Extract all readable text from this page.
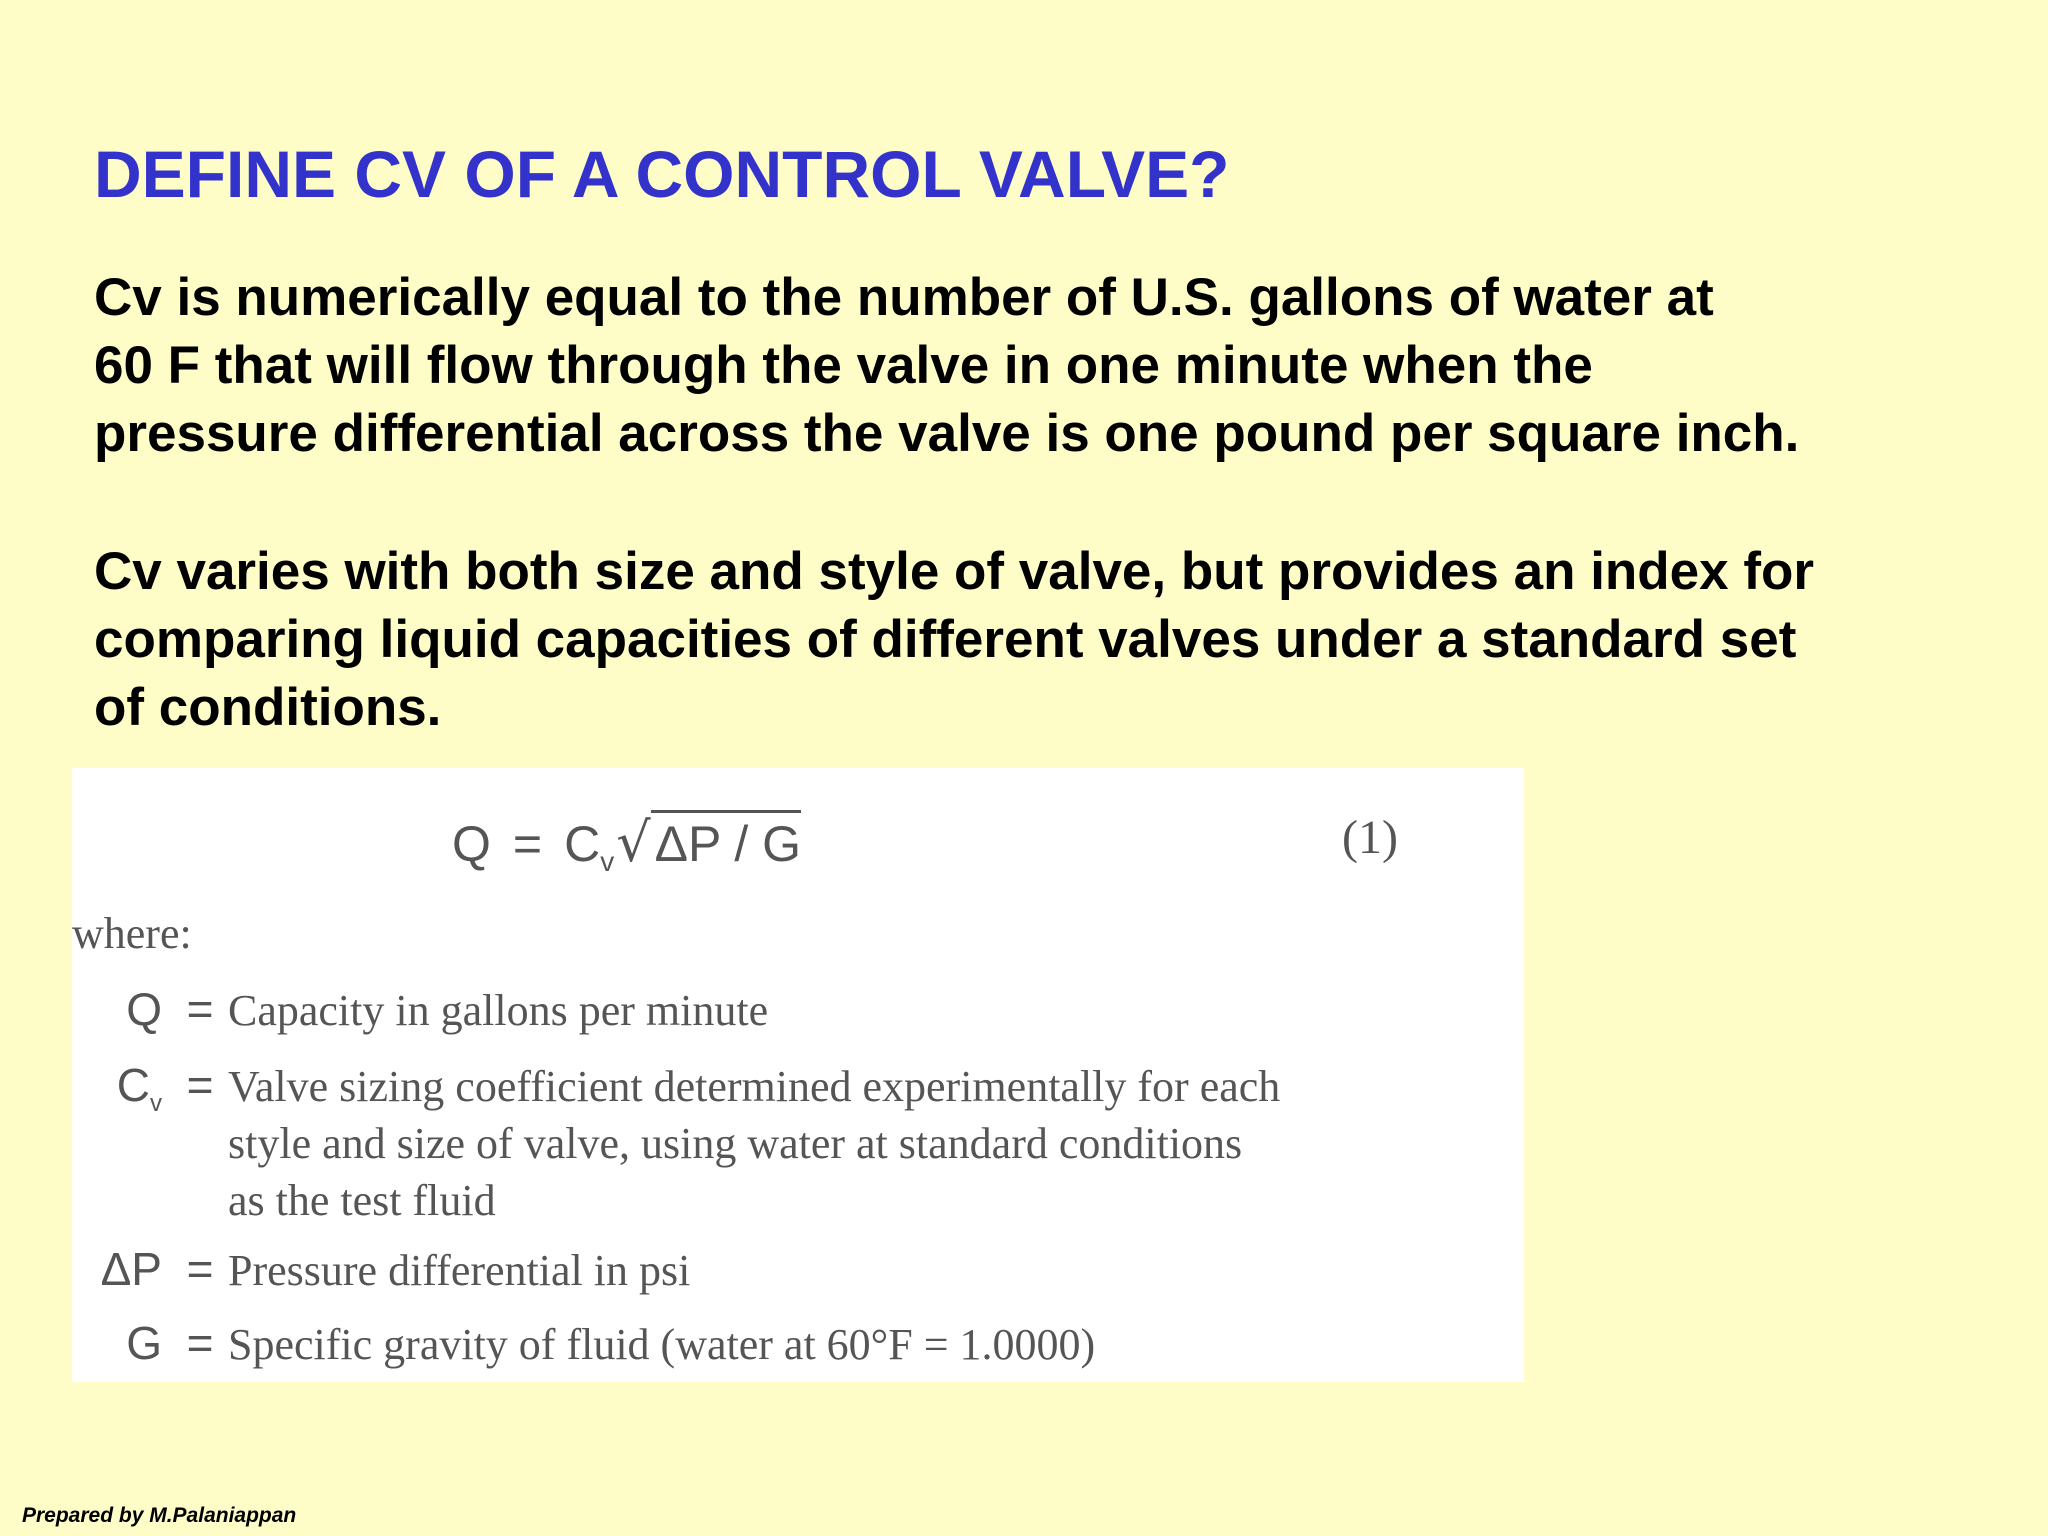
DEFINE CV OF A CONTROL VALVE?

Cv is numerically equal to the number of U.S. gallons of water at
60 F that will flow through the valve in one minute when the
pressure differential across the valve is one pound per square inch.

Cv varies with both size and style of valve, but provides an index for
comparing liquid capacities of different valves under a standard set
of conditions.

Q = C v √ ΔP / G	(1)
where:
Q = Capacity in gallons per minute
$C_v$ = Valve sizing coefficient determined experimentally for each
style and size of valve, using water at standard conditions
as the test fluid
ΔP = Pressure differential in psi
G = Specific gravity of fluid (water at 60°F = 1.0000)
Prepared by M.Palaniappan
